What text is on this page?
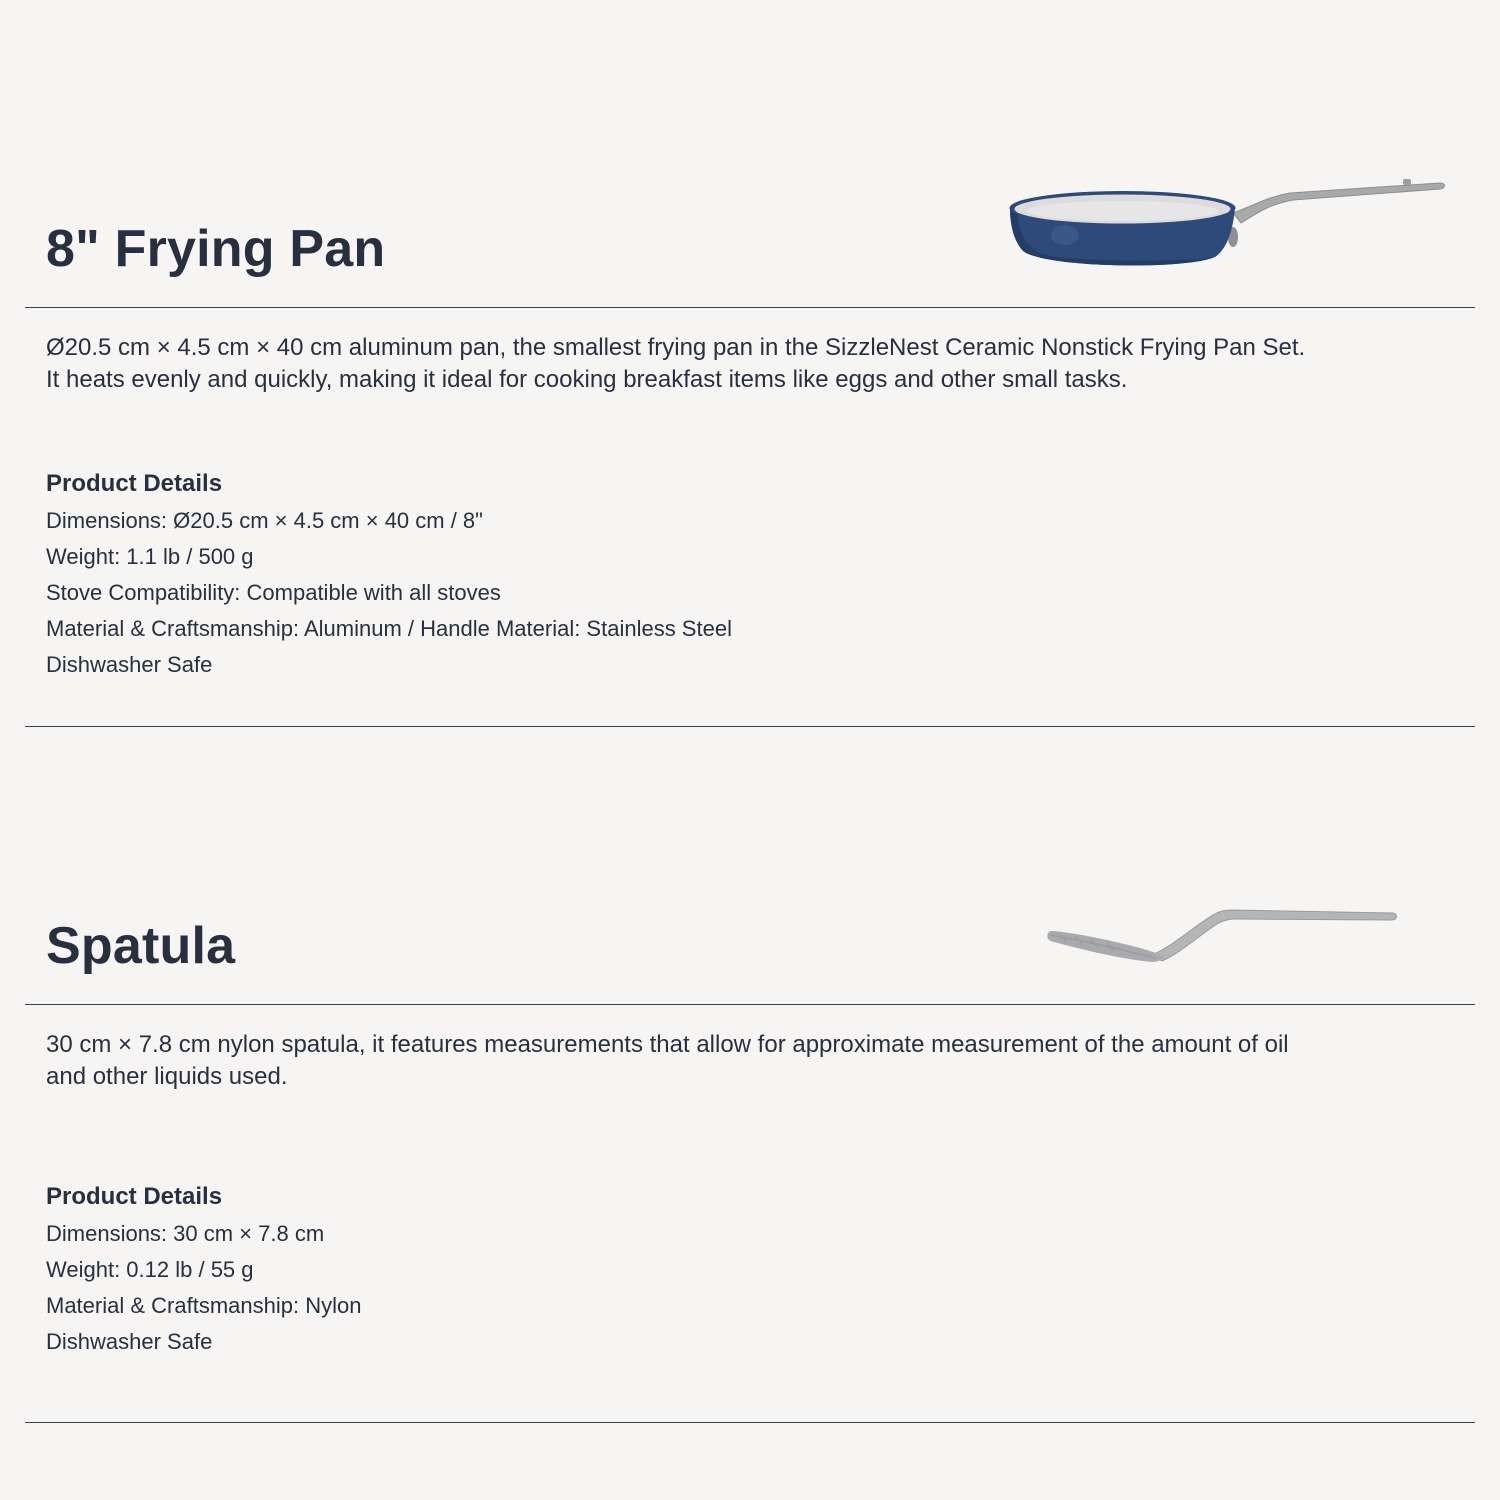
8" Frying Pan

Ø20.5 cm × 4.5 cm × 40 cm aluminum pan, the smallest frying pan in the SizzleNest Ceramic Nonstick Frying Pan Set. It heats evenly and quickly, making it ideal for cooking breakfast items like eggs and other small tasks.

Product Details
Dimensions: Ø20.5 cm × 4.5 cm × 40 cm / 8"
Weight: 1.1 lb / 500 g
Stove Compatibility: Compatible with all stoves
Material & Craftsmanship: Aluminum / Handle Material: Stainless Steel
Dishwasher Safe
Spatula

30 cm × 7.8 cm nylon spatula, it features measurements that allow for approximate measurement of the amount of oil and other liquids used.

Product Details
Dimensions: 30 cm × 7.8 cm
Weight: 0.12 lb / 55 g
Material & Craftsmanship: Nylon
Dishwasher Safe
